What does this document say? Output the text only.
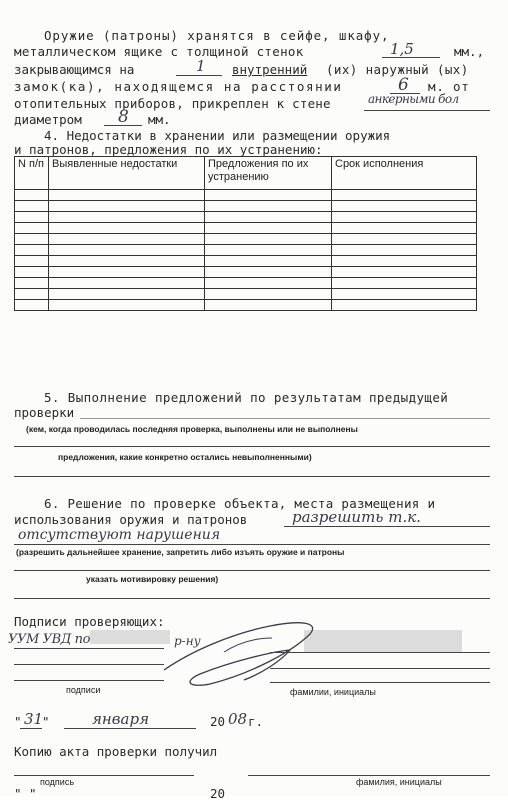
Оружие (патроны) хранятся в сейфе, шкафу,
металлическом ящике с толщиной стенок	1,5	мм.,
закрывающимся на	1 внутренний (их) наружный (ых)
замок(ка), находящемся на расстоянии	6 м. от
отопительных приборов, прикреплен к стене	анкерными бол
диаметром 8 мм.
4. Недостатки в хранении или размещении оружия
и патронов, предложения по их устранению:
N п/п	Выявленные недостатки	Предложения по их устранению	Срок исполнения

5. Выполнение предложений по результатам предыдущей
проверки
(кем, когда проводилась последняя проверка, выполнены или не выполнены
предложения, какие конкретно остались невыполненными)
6. Решение по проверке объекта, места размещения и
использования оружия и патронов	разрешить т.к.
отсутствуют нарушения
(разрешить дальнейшее хранение, запретить либо изъять оружие и патроны
указать мотивировку решения)
Подписи проверяющих:
УУМ УВД по	р-ну
подписи	фамилии, инициалы
" 31
"	января	20 08 г.
Копию акта проверки получил
подпись	фамилия, инициалы
" "	20
